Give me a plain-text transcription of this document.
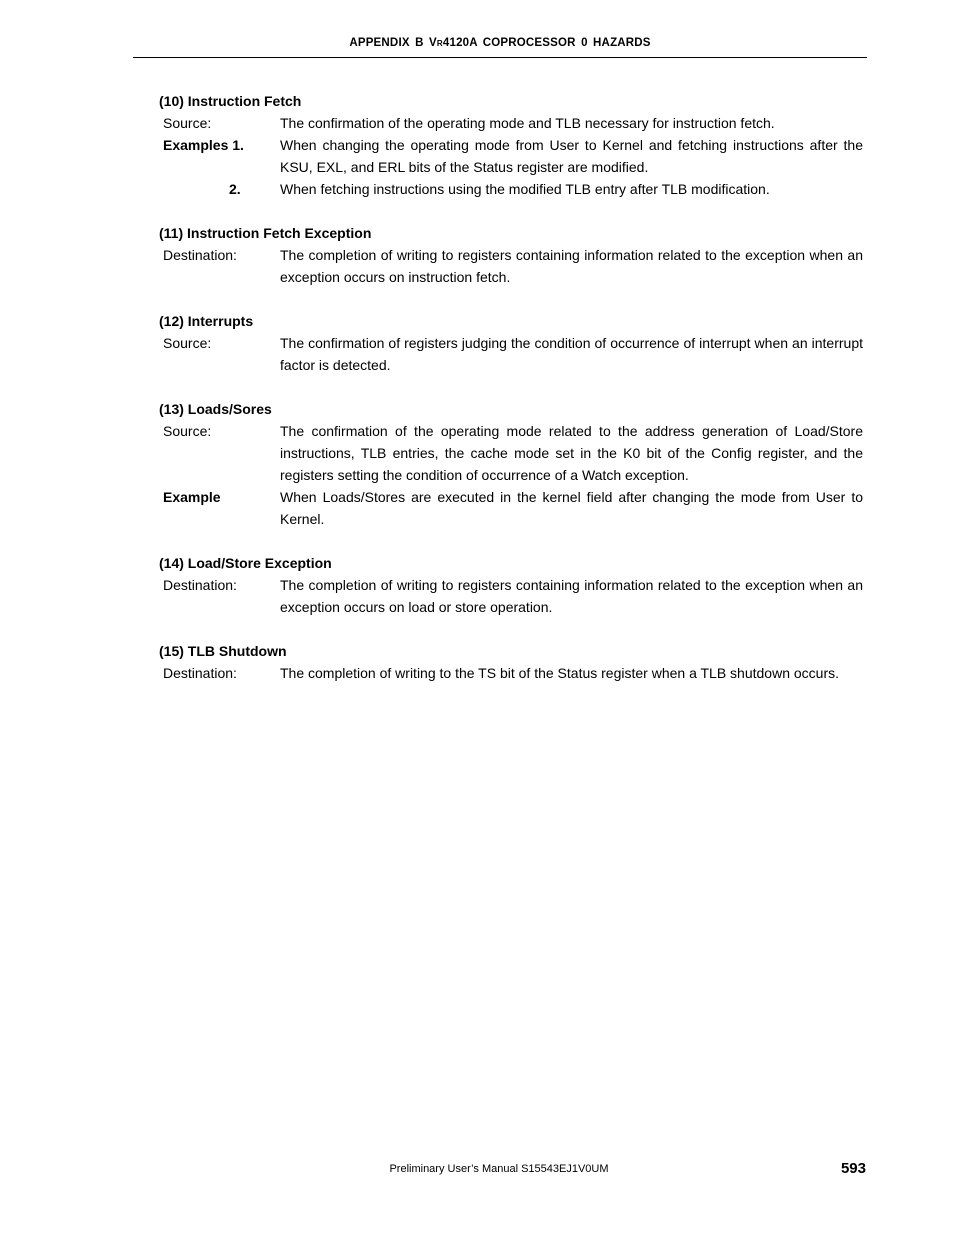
APPENDIX B VR4120A COPROCESSOR 0 HAZARDS
(10) Instruction Fetch
Source:	The confirmation of the operating mode and TLB necessary for instruction fetch.
Examples 1.	When changing the operating mode from User to Kernel and fetching instructions after the KSU, EXL, and ERL bits of the Status register are modified.
2.	When fetching instructions using the modified TLB entry after TLB modification.
(11) Instruction Fetch Exception
Destination:	The completion of writing to registers containing information related to the exception when an exception occurs on instruction fetch.
(12) Interrupts
Source:	The confirmation of registers judging the condition of occurrence of interrupt when an interrupt factor is detected.
(13) Loads/Sores
Source:	The confirmation of the operating mode related to the address generation of Load/Store instructions, TLB entries, the cache mode set in the K0 bit of the Config register, and the registers setting the condition of occurrence of a Watch exception.
Example	When Loads/Stores are executed in the kernel field after changing the mode from User to Kernel.
(14) Load/Store Exception
Destination:	The completion of writing to registers containing information related to the exception when an exception occurs on load or store operation.
(15) TLB Shutdown
Destination:	The completion of writing to the TS bit of the Status register when a TLB shutdown occurs.
Preliminary User’s Manual S15543EJ1V0UM	593
